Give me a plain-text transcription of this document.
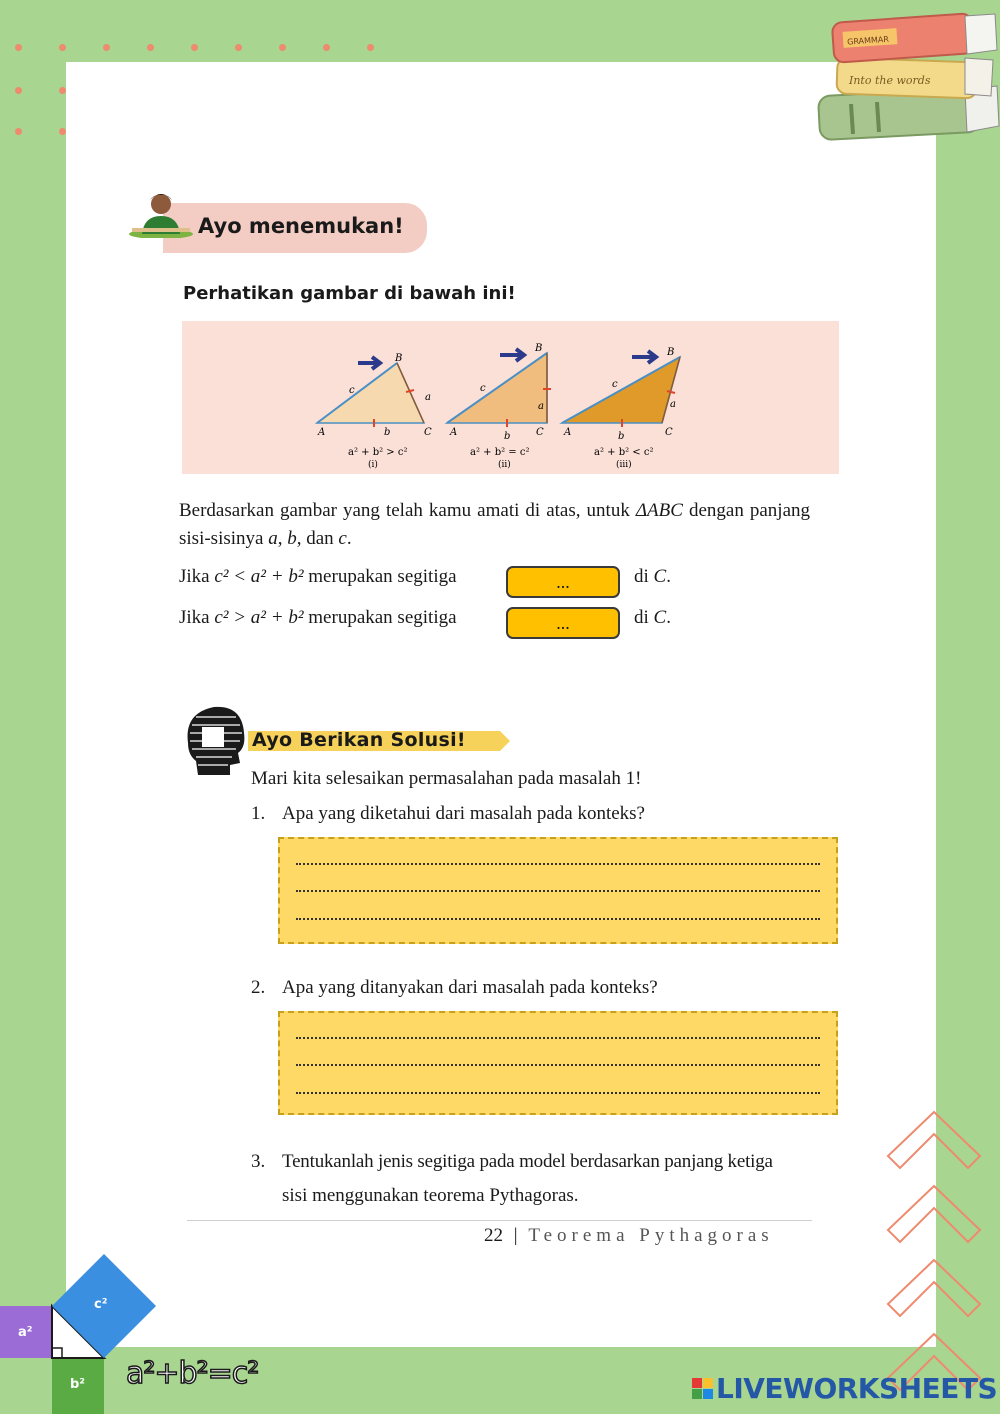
Into the words
GRAMMAR
Ayo menemukan!
Perhatikan gambar di bawah ini!
B
c
a
A	b	C
a² + b² > c²
(i)
B
c
a
A	b	C
a² + b² = c²
(ii)
B
c
a
A	b	C
a² + b² < c²
(iii)
Berdasarkan gambar yang telah kamu amati di atas, untuk ΔABC dengan panjang sisi-sisinya a, b, dan c.
Jika c² < a² + b² merupakan segitiga	...	di C.
Jika c² > a² + b² merupakan segitiga	...	di C.
Ayo Berikan Solusi!
Mari kita selesaikan permasalahan pada masalah 1!
1. Apa yang diketahui dari masalah pada konteks?
2. Apa yang ditanyakan dari masalah pada konteks?
3. Tentukanlah jenis segitiga pada model berdasarkan panjang ketiga
sisi menggunakan teorema Pythagoras.
22 | Teorema Pythagoras
a²
c²
b² a²+b²=c²	LIVEWORKSHEETS
